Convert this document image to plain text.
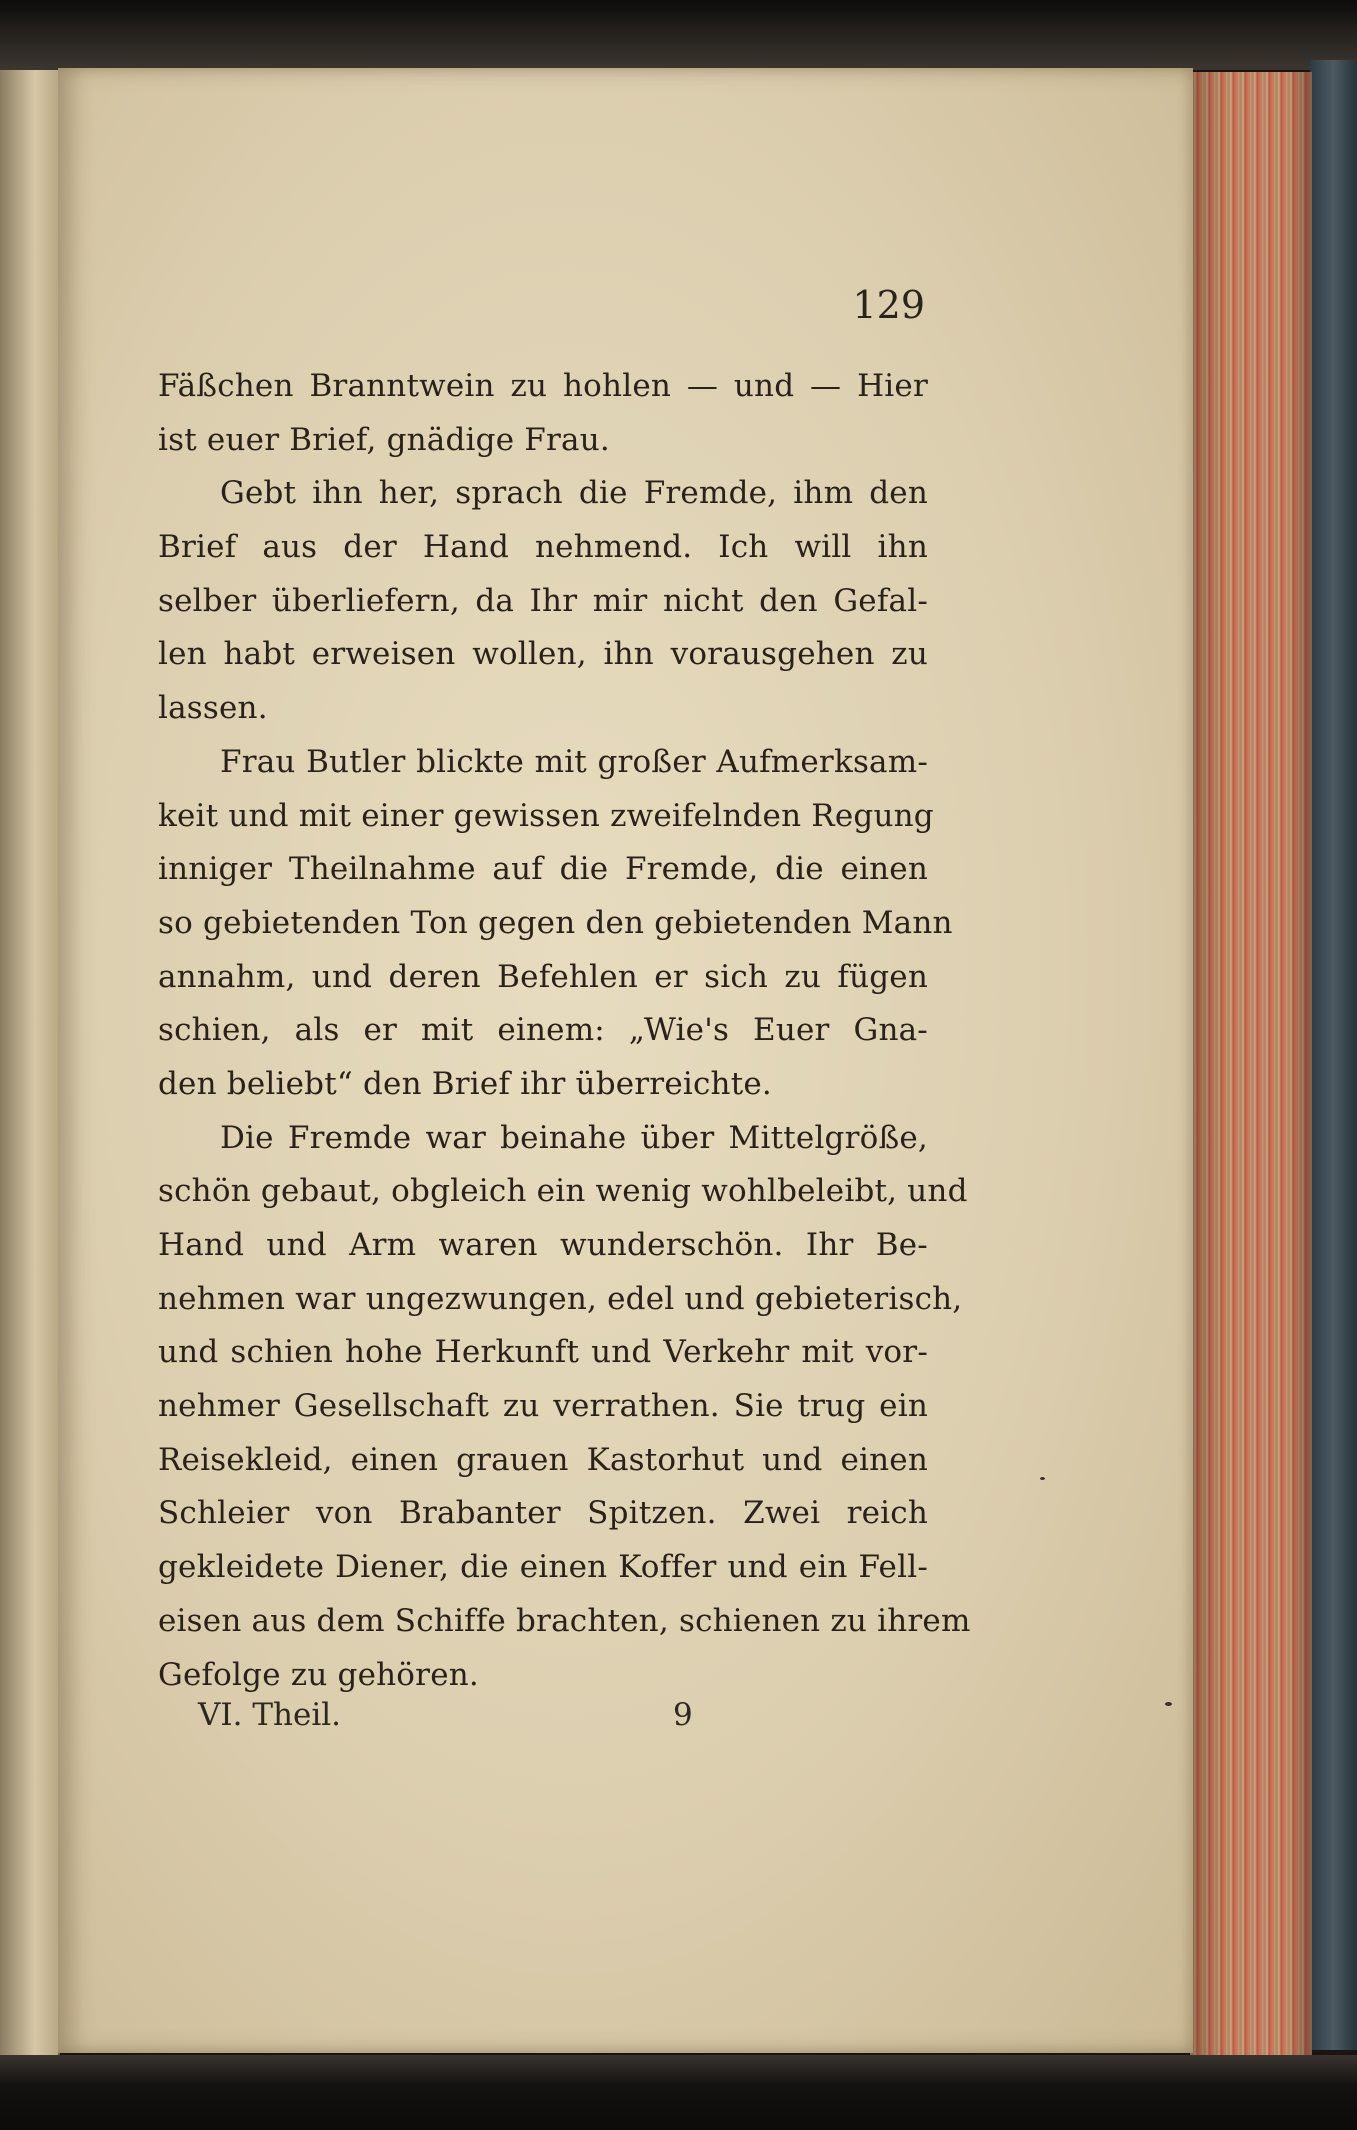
129
Fäßchen Branntwein zu hohlen — und — Hier
ist euer Brief, gnädige Frau.
Gebt ihn her, sprach die Fremde, ihm den
Brief aus der Hand nehmend. Ich will ihn
selber überliefern, da Ihr mir nicht den Gefal-
len habt erweisen wollen, ihn vorausgehen zu
lassen.
Frau Butler blickte mit großer Aufmerksam-
keit und mit einer gewissen zweifelnden Regung
inniger Theilnahme auf die Fremde, die einen
so gebietenden Ton gegen den gebietenden Mann
annahm, und deren Befehlen er sich zu fügen
schien, als er mit einem: „Wie's Euer Gna-
den beliebt“ den Brief ihr überreichte.
Die Fremde war beinahe über Mittelgröße,
schön gebaut, obgleich ein wenig wohlbeleibt, und
Hand und Arm waren wunderschön. Ihr Be-
nehmen war ungezwungen, edel und gebieterisch,
und schien hohe Herkunft und Verkehr mit vor-
nehmer Gesellschaft zu verrathen. Sie trug ein
Reisekleid, einen grauen Kastorhut und einen
Schleier von Brabanter Spitzen. Zwei reich
gekleidete Diener, die einen Koffer und ein Fell-
eisen aus dem Schiffe brachten, schienen zu ihrem
Gefolge zu gehören.
VI. Theil.	9
